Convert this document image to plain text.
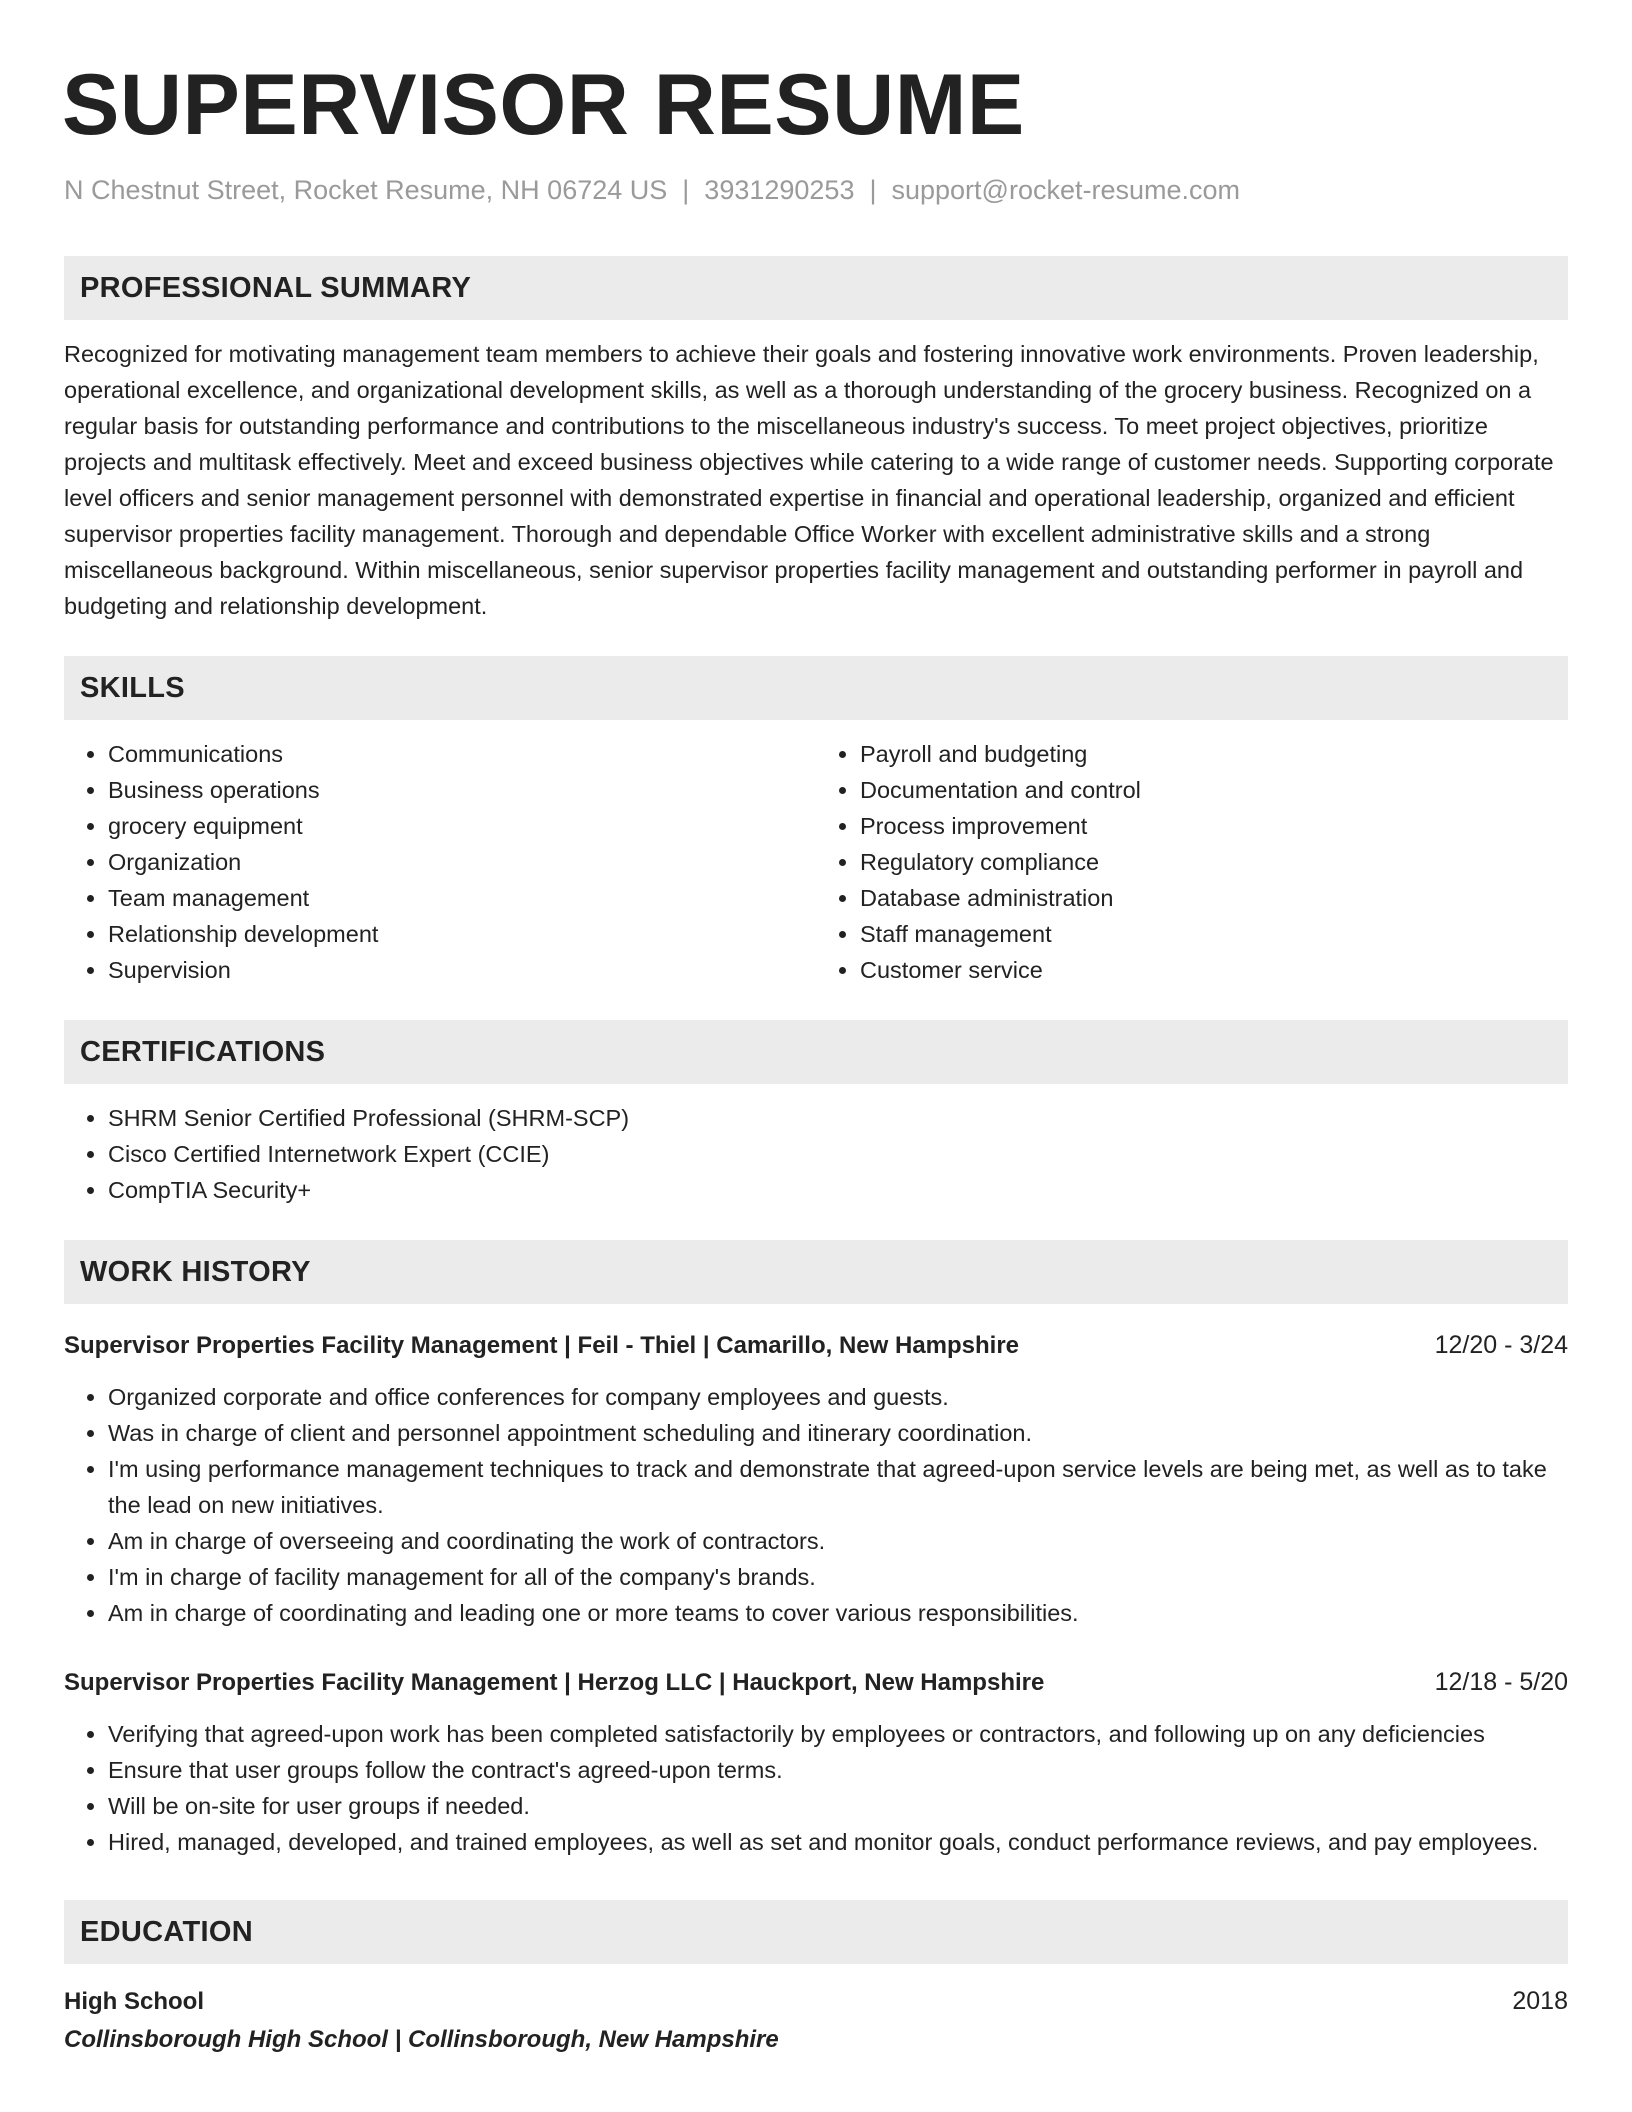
SUPERVISOR RESUME
N Chestnut Street, Rocket Resume, NH 06724 US | 3931290253 | support@rocket-resume.com
PROFESSIONAL SUMMARY
Recognized for motivating management team members to achieve their goals and fostering innovative work environments. Proven leadership, operational excellence, and organizational development skills, as well as a thorough understanding of the grocery business. Recognized on a regular basis for outstanding performance and contributions to the miscellaneous industry's success. To meet project objectives, prioritize projects and multitask effectively. Meet and exceed business objectives while catering to a wide range of customer needs. Supporting corporate level officers and senior management personnel with demonstrated expertise in financial and operational leadership, organized and efficient supervisor properties facility management. Thorough and dependable Office Worker with excellent administrative skills and a strong miscellaneous background. Within miscellaneous, senior supervisor properties facility management and outstanding performer in payroll and budgeting and relationship development.
SKILLS
• Communications
• Business operations
• grocery equipment
• Organization
• Team management
• Relationship development
• Supervision
• Payroll and budgeting
• Documentation and control
• Process improvement
• Regulatory compliance
• Database administration
• Staff management
• Customer service
CERTIFICATIONS
• SHRM Senior Certified Professional (SHRM-SCP)
• Cisco Certified Internetwork Expert (CCIE)
• CompTIA Security+
WORK HISTORY
Supervisor Properties Facility Management | Feil - Thiel | Camarillo, New Hampshire	12/20 - 3/24
• Organized corporate and office conferences for company employees and guests.
• Was in charge of client and personnel appointment scheduling and itinerary coordination.
• I'm using performance management techniques to track and demonstrate that agreed-upon service levels are being met, as well as to take the lead on new initiatives.
• Am in charge of overseeing and coordinating the work of contractors.
• I'm in charge of facility management for all of the company's brands.
• Am in charge of coordinating and leading one or more teams to cover various responsibilities.
Supervisor Properties Facility Management | Herzog LLC | Hauckport, New Hampshire	12/18 - 5/20
• Verifying that agreed-upon work has been completed satisfactorily by employees or contractors, and following up on any deficiencies
• Ensure that user groups follow the contract's agreed-upon terms.
• Will be on-site for user groups if needed.
• Hired, managed, developed, and trained employees, as well as set and monitor goals, conduct performance reviews, and pay employees.
EDUCATION
High School	2018
Collinsborough High School | Collinsborough, New Hampshire
